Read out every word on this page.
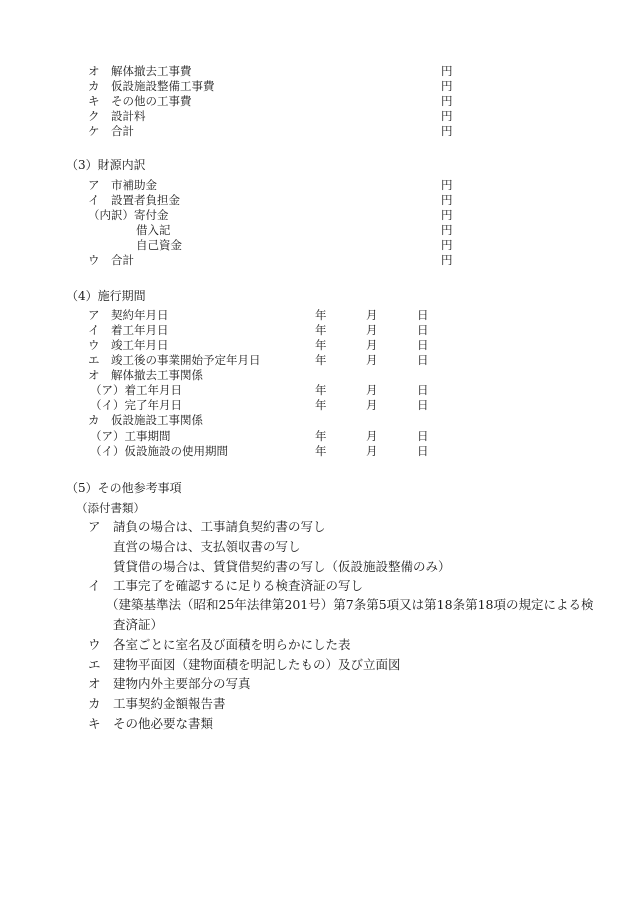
オ　解体撤去工事費	円
カ　仮設施設整備工事費	円
キ　その他の工事費	円
ク　設計料	円
ケ　合計	円
（3）財源内訳
ア　市補助金	円
イ　設置者負担金	円
（内訳）寄付金	円
借入記	円
自己資金	円
ウ　合計	円
（4）施行期間
ア　契約年月日	年	月	日
イ　着工年月日	年	月	日
ウ　竣工年月日	年	月	日
エ　竣工後の事業開始予定年月日	年	月	日
オ　解体撤去工事関係
（ア）着工年月日	年	月	日
（イ）完了年月日	年	月	日
カ　仮設施設工事関係
（ア）工事期間	年	月	日
（イ）仮設施設の使用期間	年	月	日
（5）その他参考事項
（添付書類）
ア　請負の場合は、工事請負契約書の写し
直営の場合は、支払領収書の写し
賃貸借の場合は、賃貸借契約書の写し（仮設施設整備のみ）
イ　工事完了を確認するに足りる検査済証の写し
（建築基準法（昭和25年法律第201号）第7条第5項又は第18条第18項の規定による検
査済証）
ウ　各室ごとに室名及び面積を明らかにした表
エ　建物平面図（建物面積を明記したもの）及び立面図
オ　建物内外主要部分の写真
カ　工事契約金額報告書
キ　その他必要な書類
